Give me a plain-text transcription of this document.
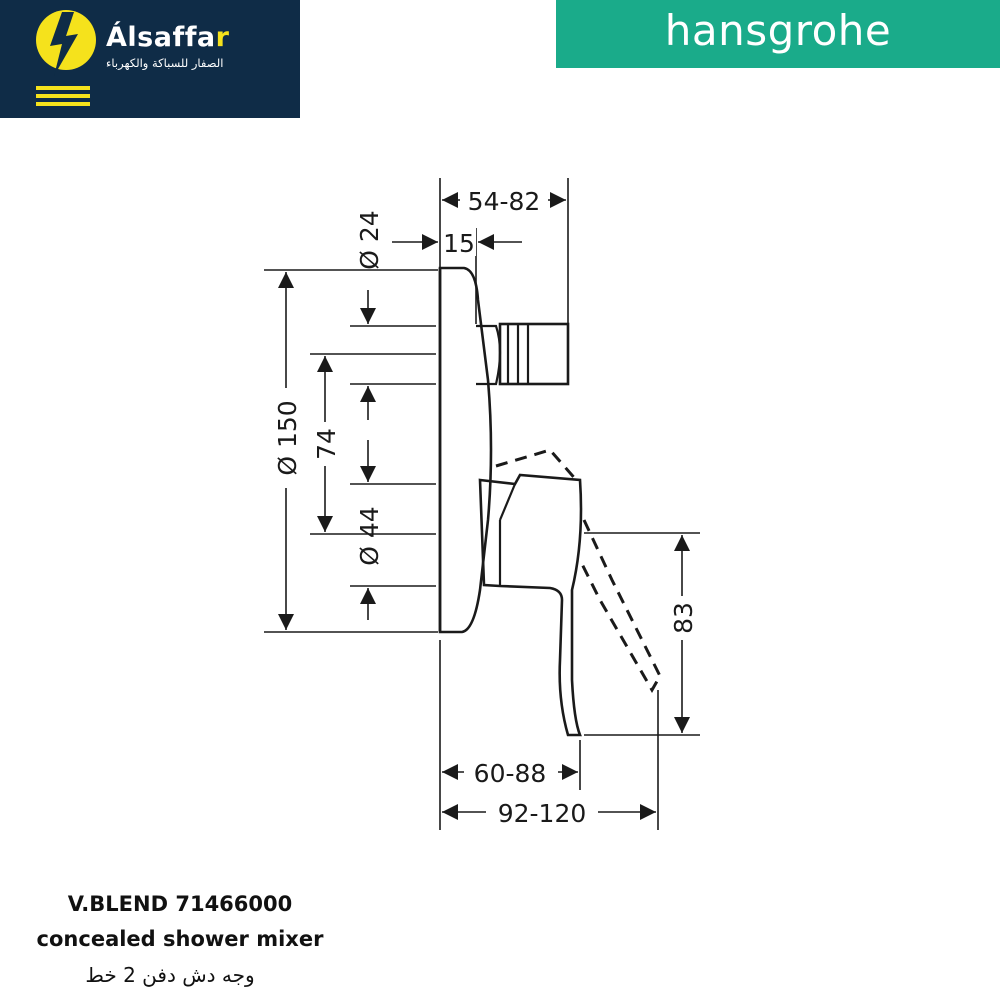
Álsaffar
الصفار للسباكة والكهرباء
hansgrohe
54-82
15
Ø 24
Ø 150 74
Ø 44
83
60-88
92-120
V.BLEND 71466000
concealed shower mixer
وجه دش دفن 2 خط
